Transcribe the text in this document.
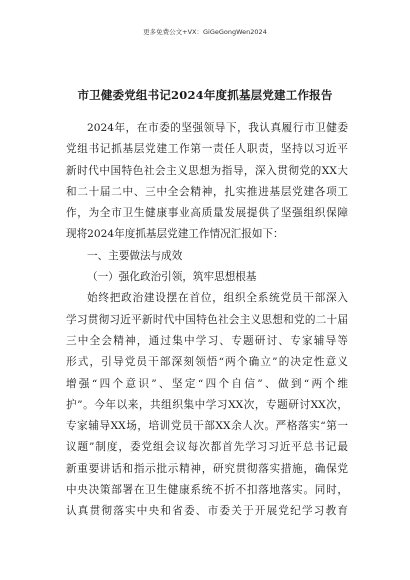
更多免费公文+VX：GiGeGongWen2024
市卫健委党组书记2024年度抓基层党建工作报告
2024年，在市委的坚强领导下，我认真履行市卫健委
党组书记抓基层党建工作第一责任人职责，坚持以习近平
新时代中国特色社会主义思想为指导，深入贯彻党的XX大
和二十届二中、三中全会精神，扎实推进基层党建各项工
作，为全市卫生健康事业高质量发展提供了坚强组织保障
现将2024年度抓基层党建工作情况汇报如下：
一、主要做法与成效
（一）强化政治引领，筑牢思想根基
始终把政治建设摆在首位，组织全系统党员干部深入
学习贯彻习近平新时代中国特色社会主义思想和党的二十届
三中全会精神，通过集中学习、专题研讨、专家辅导等
形式，引导党员干部深刻领悟“两个确立”的决定性意义
增强“四个意识”、坚定“四个自信”、做到“两个维
护”。今年以来，共组织集中学习XX次，专题研讨XX次，
专家辅导XX场，培训党员干部XX余人次。严格落实“第一
议题”制度，委党组会议每次都首先学习习近平总书记最
新重要讲话和指示批示精神，研究贯彻落实措施，确保党
中央决策部署在卫生健康系统不折不扣落地落实。同时，
认真贯彻落实中央和省委、市委关于开展党纪学习教育
